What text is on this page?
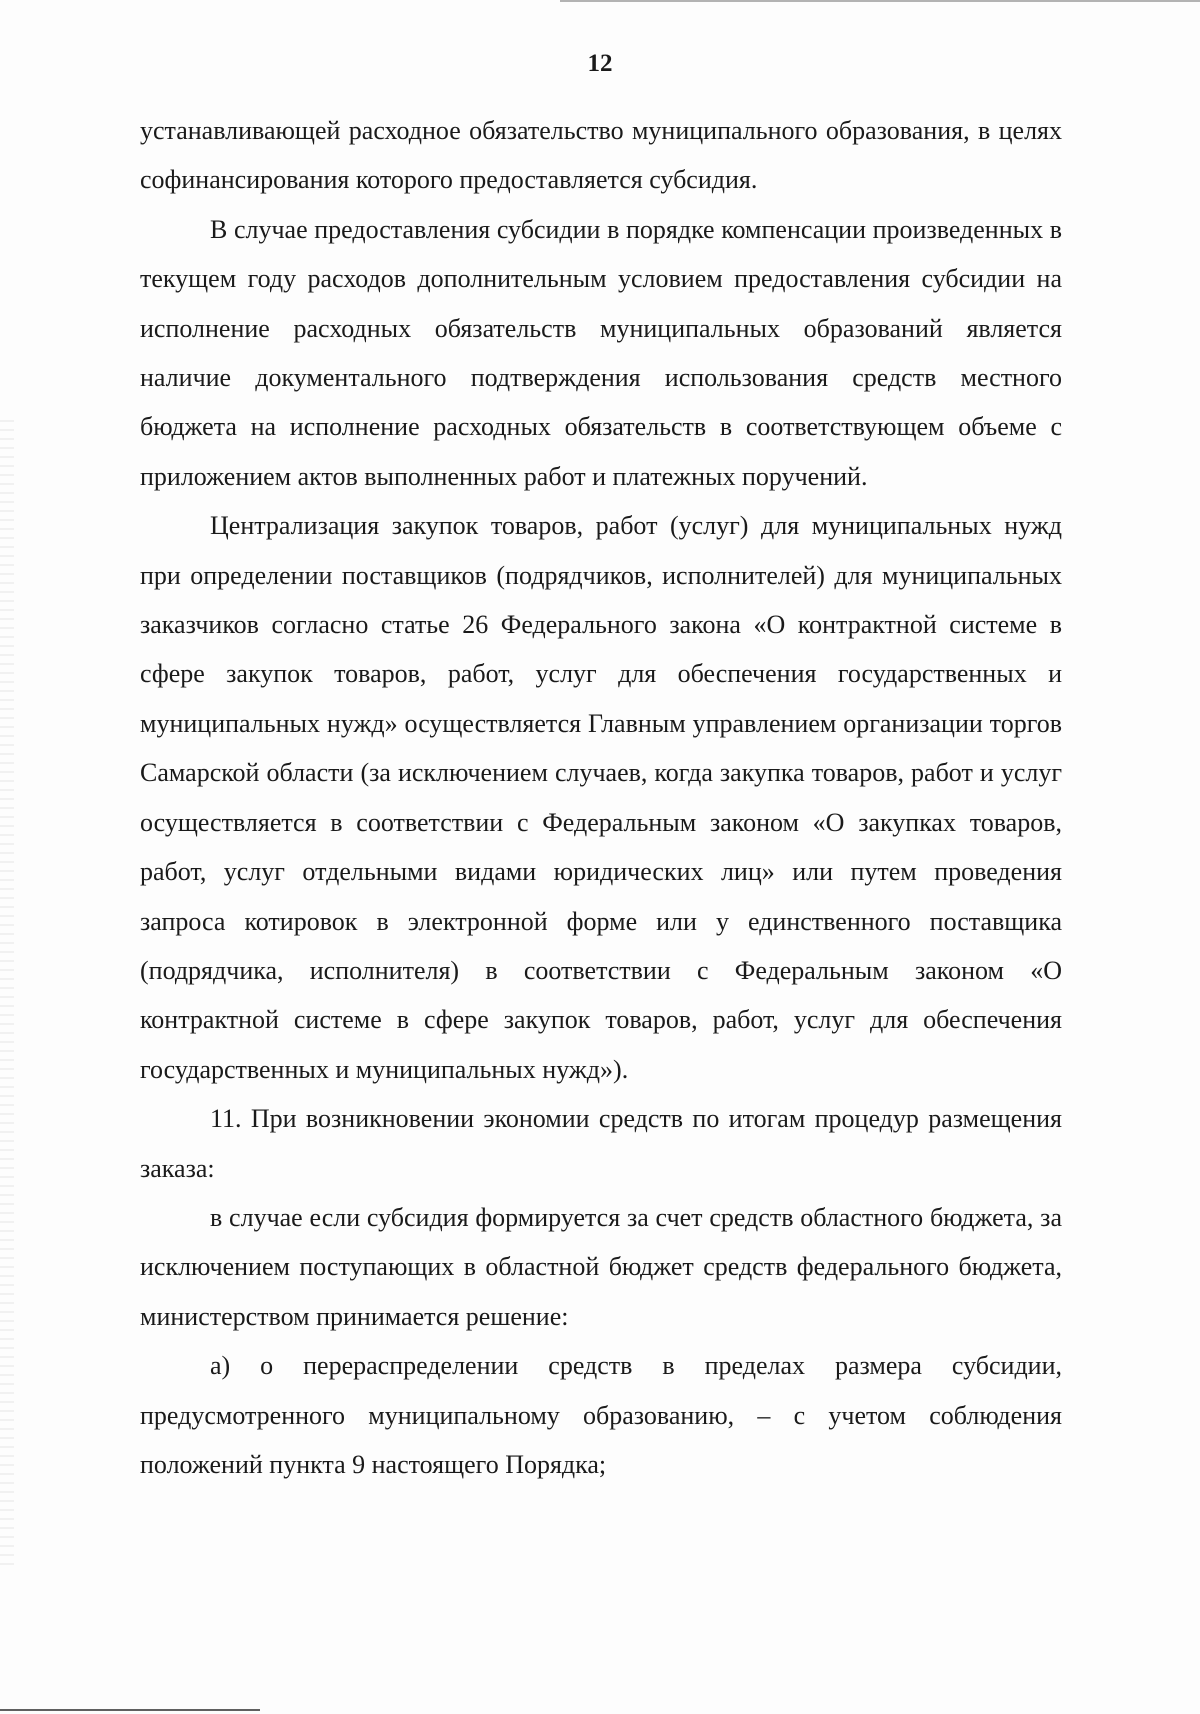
12

устанавливающей расходное обязательство муниципального образования, в целях софинансирования которого предоставляется субсидия.

В случае предоставления субсидии в порядке компенсации произведенных в текущем году расходов дополнительным условием предоставления субсидии на исполнение расходных обязательств муниципальных образований является наличие документального подтверждения использования средств местного бюджета на исполнение расходных обязательств в соответствующем объеме с приложением актов выполненных работ и платежных поручений.

Централизация закупок товаров, работ (услуг) для муниципальных нужд при определении поставщиков (подрядчиков, исполнителей) для муниципальных заказчиков согласно статье 26 Федерального закона «О контрактной системе в сфере закупок товаров, работ, услуг для обеспечения государственных и муниципальных нужд» осуществляется Главным управлением организации торгов Самарской области (за исключением случаев, когда закупка товаров, работ и услуг осуществляется в соответствии с Федеральным законом «О закупках товаров, работ, услуг отдельными видами юридических лиц» или путем проведения запроса котировок в электронной форме или у единственного поставщика (подрядчика, исполнителя) в соответствии с Федеральным законом «О контрактной системе в сфере закупок товаров, работ, услуг для обеспечения государственных и муниципальных нужд»).

11. При возникновении экономии средств по итогам процедур размещения заказа:

в случае если субсидия формируется за счет средств областного бюджета, за исключением поступающих в областной бюджет средств федерального бюджета, министерством принимается решение:

а) о перераспределении средств в пределах размера субсидии, предусмотренного муниципальному образованию, – с учетом соблюдения положений пункта 9 настоящего Порядка;
